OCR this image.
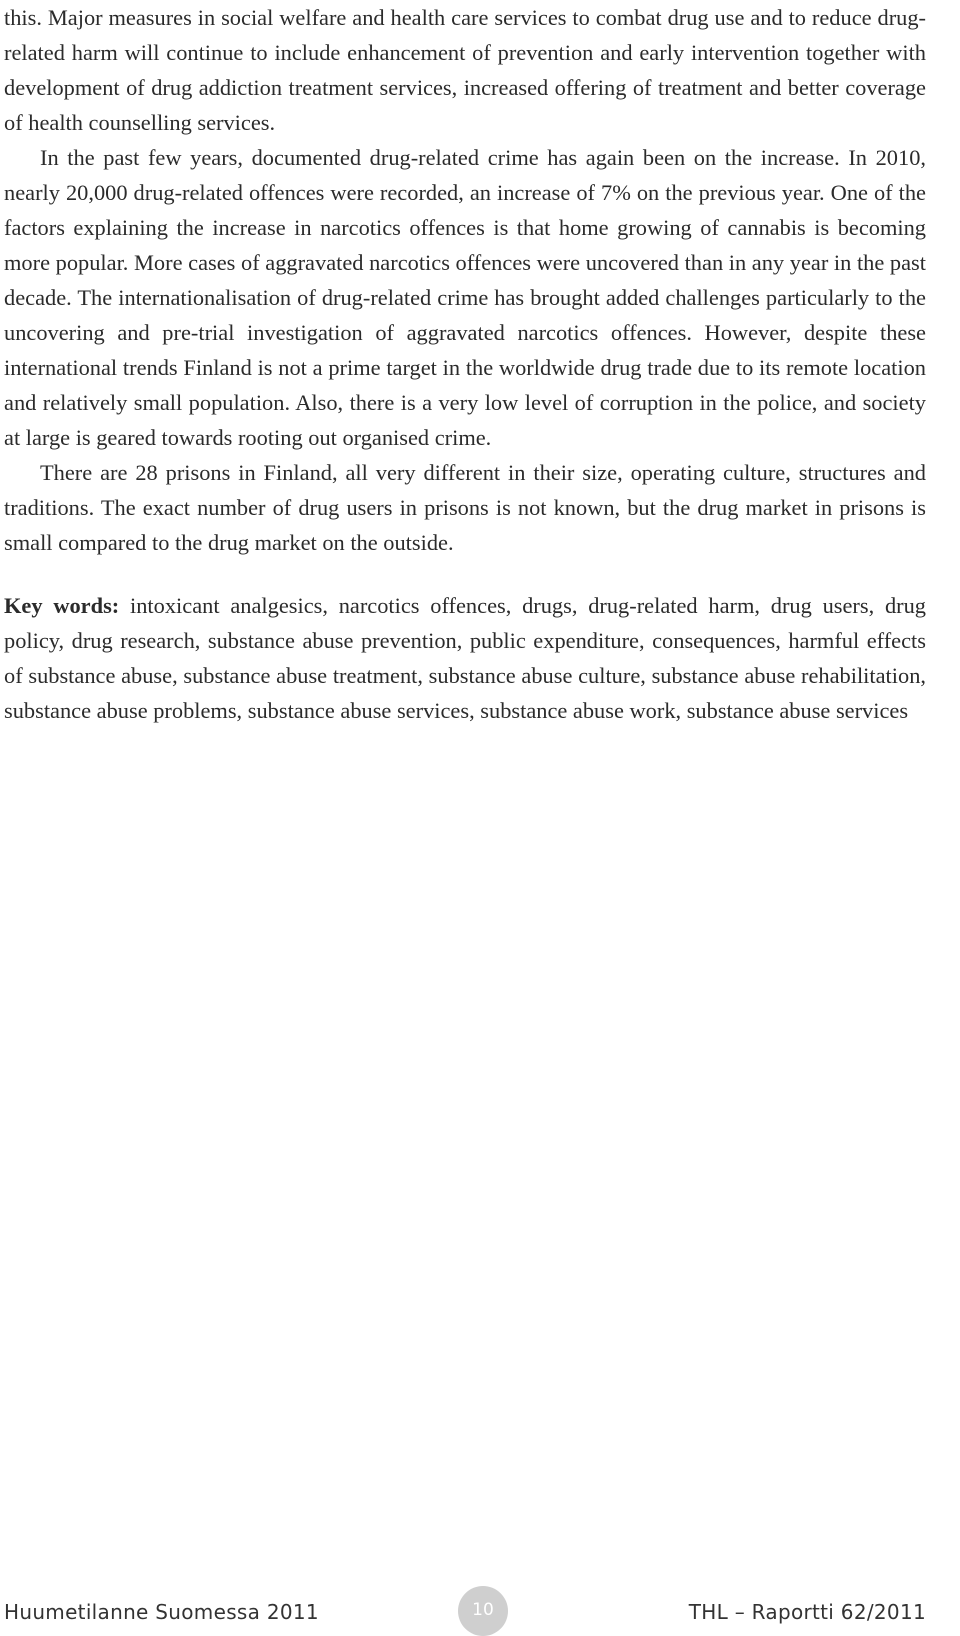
this. Major measures in social welfare and health care services to combat drug use and to reduce drug-related harm will continue to include enhancement of prevention and early intervention together with development of drug addiction treatment services, increased offering of treatment and better coverage of health counselling services.

In the past few years, documented drug-related crime has again been on the increase. In 2010, nearly 20,000 drug-related offences were recorded, an increase of 7% on the previous year. One of the factors explaining the increase in narcotics offences is that home growing of cannabis is becoming more popular. More cases of aggravated narcotics offences were uncovered than in any year in the past decade. The internationalisation of drug-related crime has brought added challenges particularly to the uncovering and pre-trial investigation of aggravated narcotics offences. However, despite these international trends Finland is not a prime target in the worldwide drug trade due to its remote location and relatively small population. Also, there is a very low level of corruption in the police, and society at large is geared towards rooting out organised crime.

There are 28 prisons in Finland, all very different in their size, operating culture, structures and traditions. The exact number of drug users in prisons is not known, but the drug market in prisons is small compared to the drug market on the outside.

Key words: intoxicant analgesics, narcotics offences, drugs, drug-related harm, drug users, drug policy, drug research, substance abuse prevention, public expenditure, consequences, harmful effects of substance abuse, substance abuse treatment, substance abuse culture, substance abuse rehabilitation, substance abuse problems, substance abuse services, substance abuse work, substance abuse services

Huumetilanne Suomessa 2011	10	THL – Raportti 62/2011
